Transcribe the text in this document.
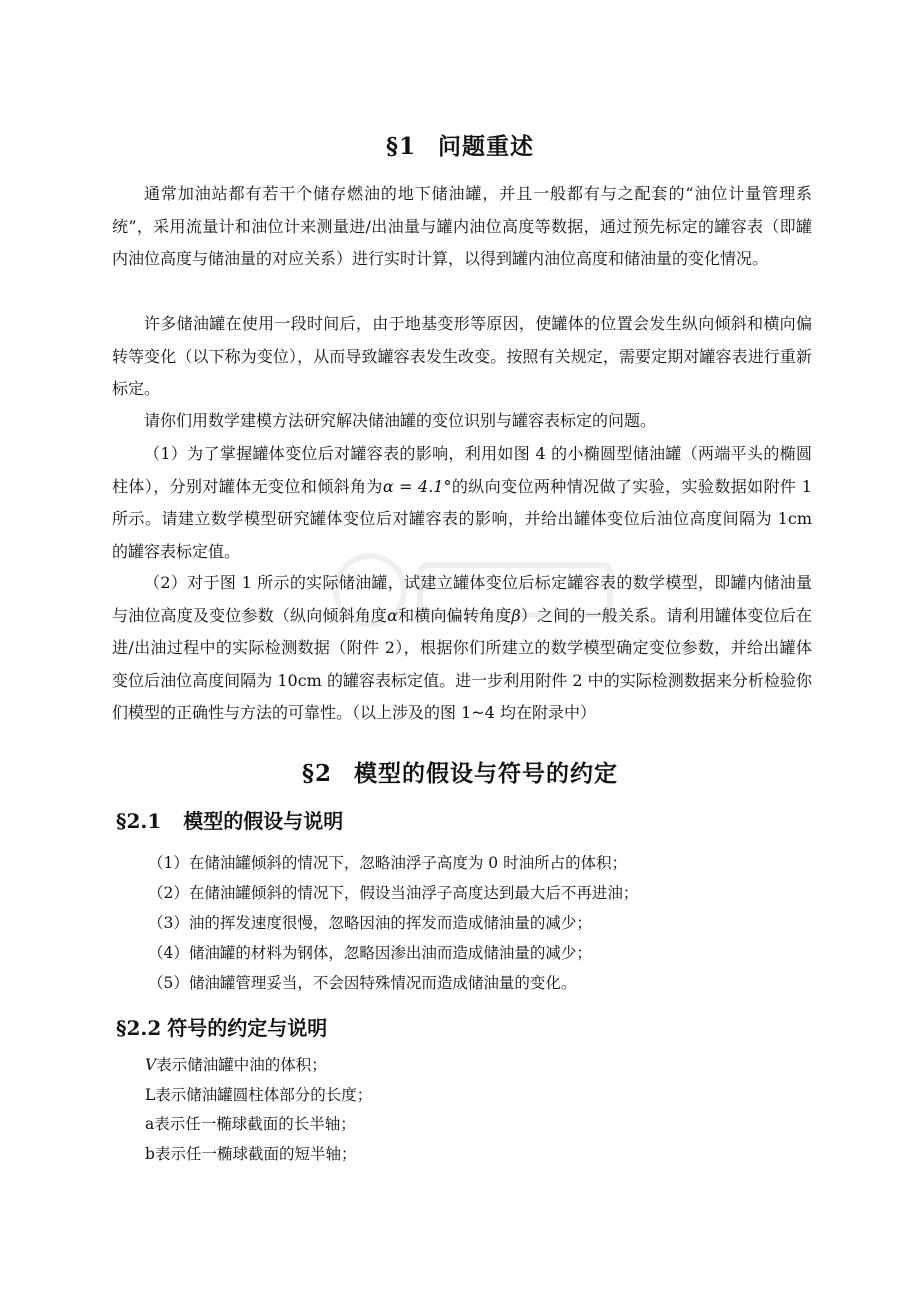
§1 问题重述

通常加油站都有若干个储存燃油的地下储油罐，并且一般都有与之配套的“油位计量管理系统”，采用流量计和油位计来测量进/出油量与罐内油位高度等数据，通过预先标定的罐容表（即罐内油位高度与储油量的对应关系）进行实时计算，以得到罐内油位高度和储油量的变化情况。

许多储油罐在使用一段时间后，由于地基变形等原因，使罐体的位置会发生纵向倾斜和横向偏转等变化（以下称为变位），从而导致罐容表发生改变。按照有关规定，需要定期对罐容表进行重新标定。

请你们用数学建模方法研究解决储油罐的变位识别与罐容表标定的问题。

（1）为了掌握罐体变位后对罐容表的影响，利用如图 4 的小椭圆型储油罐（两端平头的椭圆柱体），分别对罐体无变位和倾斜角为α = 4.1°的纵向变位两种情况做了实验，实验数据如附件 1 所示。请建立数学模型研究罐体变位后对罐容表的影响，并给出罐体变位后油位高度间隔为 1cm 的罐容表标定值。

（2）对于图 1 所示的实际储油罐，试建立罐体变位后标定罐容表的数学模型，即罐内储油量与油位高度及变位参数（纵向倾斜角度α和横向偏转角度β）之间的一般关系。请利用罐体变位后在进/出油过程中的实际检测数据（附件 2），根据你们所建立的数学模型确定变位参数，并给出罐体变位后油位高度间隔为 10cm 的罐容表标定值。进一步利用附件 2 中的实际检测数据来分析检验你们模型的正确性与方法的可靠性。（以上涉及的图 1~4 均在附录中）

§2 模型的假设与符号的约定
§2.1 模型的假设与说明
（1）在储油罐倾斜的情况下，忽略油浮子高度为 0 时油所占的体积；
（2）在储油罐倾斜的情况下，假设当油浮子高度达到最大后不再进油；
（3）油的挥发速度很慢，忽略因油的挥发而造成储油量的减少；
（4）储油罐的材料为钢体，忽略因渗出油而造成储油量的减少；
（5）储油罐管理妥当，不会因特殊情况而造成储油量的变化。
§2.2 符号的约定与说明
V表示储油罐中油的体积；
L表示储油罐圆柱体部分的长度；
a表示任一椭球截面的长半轴；
b表示任一椭球截面的短半轴；
